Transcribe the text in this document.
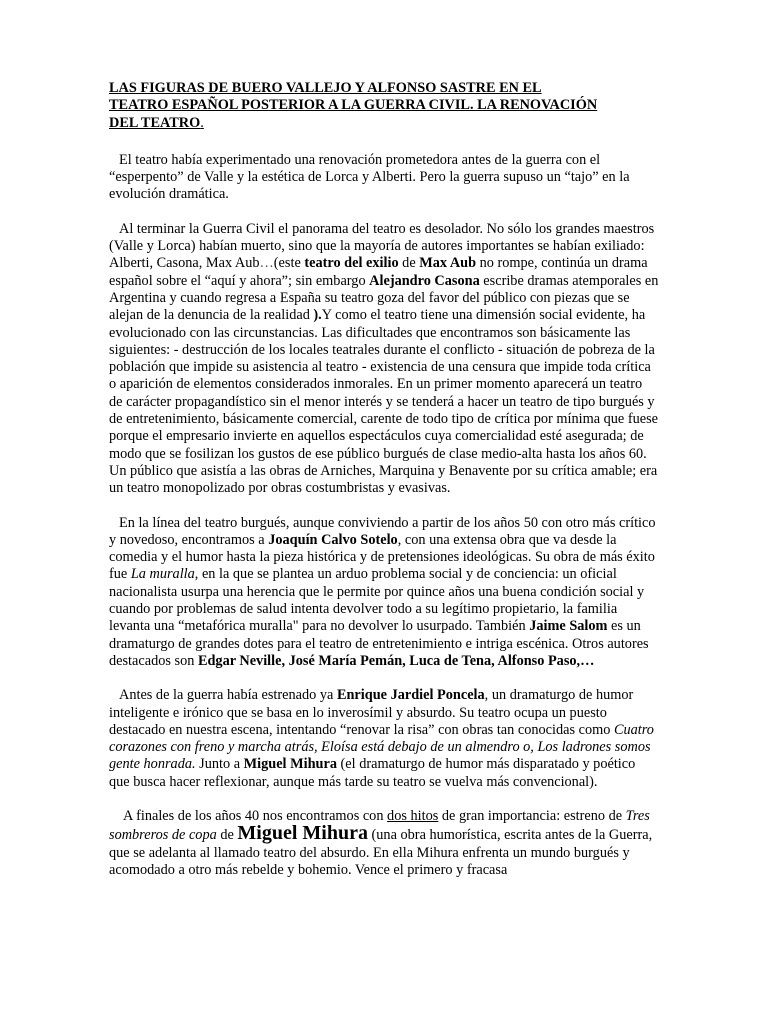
LAS FIGURAS DE BUERO VALLEJO Y ALFONSO SASTRE EN EL
TEATRO ESPAÑOL POSTERIOR A LA GUERRA CIVIL. LA RENOVACIÓN
DEL TEATRO.

El teatro había experimentado una renovación prometedora antes de la guerra con el “esperpento” de Valle y la estética de Lorca y Alberti. Pero la guerra supuso un “tajo” en la evolución dramática.

Al terminar la Guerra Civil el panorama del teatro es desolador. No sólo los grandes maestros (Valle y Lorca) habían muerto, sino que la mayoría de autores importantes se habían exiliado: Alberti, Casona, Max Aub…(este teatro del exilio de Max Aub no rompe, continúa un drama español sobre el “aquí y ahora”; sin embargo Alejandro Casona escribe dramas atemporales en Argentina y cuando regresa a España su teatro goza del favor del público con piezas que se alejan de la denuncia de la realidad ).Y como el teatro tiene una dimensión social evidente, ha evolucionado con las circunstancias. Las dificultades que encontramos son básicamente las siguientes: - destrucción de los locales teatrales durante el conflicto - situación de pobreza de la población que impide su asistencia al teatro - existencia de una censura que impide toda crítica o aparición de elementos considerados inmorales. En un primer momento aparecerá un teatro de carácter propagandístico sin el menor interés y se tenderá a hacer un teatro de tipo burgués y de entretenimiento, básicamente comercial, carente de todo tipo de crítica por mínima que fuese porque el empresario invierte en aquellos espectáculos cuya comercialidad esté asegurada; de modo que se fosilizan los gustos de ese público burgués de clase medio-alta hasta los años 60. Un público que asistía a las obras de Arniches, Marquina y Benavente por su crítica amable; era un teatro monopolizado por obras costumbristas y evasivas.

En la línea del teatro burgués, aunque conviviendo a partir de los años 50 con otro más crítico y novedoso, encontramos a Joaquín Calvo Sotelo, con una extensa obra que va desde la comedia y el humor hasta la pieza histórica y de pretensiones ideológicas. Su obra de más éxito fue La muralla, en la que se plantea un arduo problema social y de conciencia: un oficial nacionalista usurpa una herencia que le permite por quince años una buena condición social y cuando por problemas de salud intenta devolver todo a su legítimo propietario, la familia levanta una “metafórica muralla" para no devolver lo usurpado. También Jaime Salom es un dramaturgo de grandes dotes para el teatro de entretenimiento e intriga escénica. Otros autores destacados son Edgar Neville, José María Pemán, Luca de Tena, Alfonso Paso,…

Antes de la guerra había estrenado ya Enrique Jardiel Poncela, un dramaturgo de humor inteligente e irónico que se basa en lo inverosímil y absurdo. Su teatro ocupa un puesto destacado en nuestra escena, intentando “renovar la risa” con obras tan conocidas como Cuatro corazones con freno y marcha atrás, Eloísa está debajo de un almendro o, Los ladrones somos gente honrada. Junto a Miguel Mihura (el dramaturgo de humor más disparatado y poético que busca hacer reflexionar, aunque más tarde su teatro se vuelva más convencional).

A finales de los años 40 nos encontramos con dos hitos de gran importancia: estreno de Tres sombreros de copa de Miguel Mihura (una obra humorística, escrita antes de la Guerra, que se adelanta al llamado teatro del absurdo. En ella Mihura enfrenta un mundo burgués y acomodado a otro más rebelde y bohemio. Vence el primero y fracasa
